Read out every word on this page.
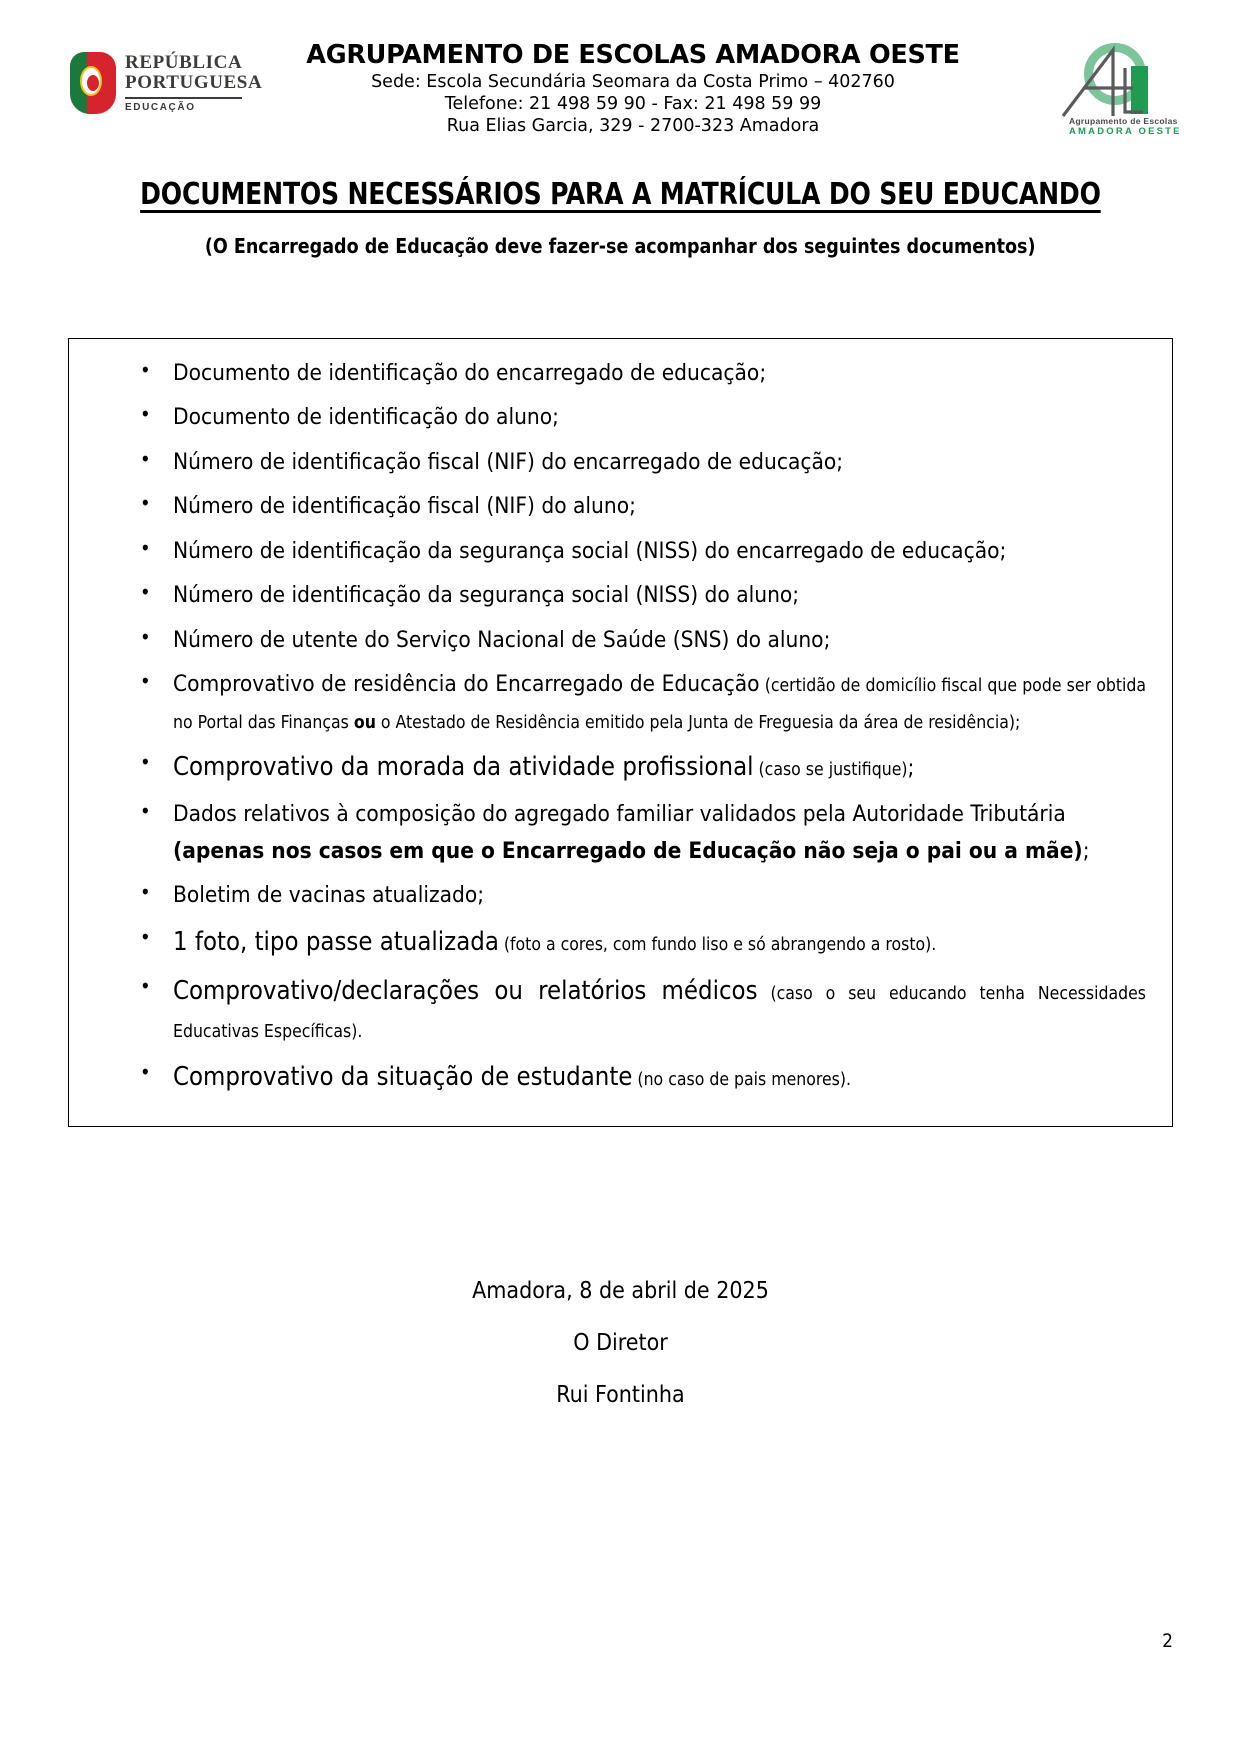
REPÚBLICA
PORTUGUESA
EDUCAÇÃO
AGRUPAMENTO DE ESCOLAS AMADORA OESTE
Sede: Escola Secundária Seomara da Costa Primo – 402760
Telefone: 21 498 59 90 - Fax: 21 498 59 99
Rua Elias Garcia, 329 - 2700-323 Amadora	Agrupamento de Escolas
AMADORA OESTE
DOCUMENTOS NECESSÁRIOS PARA A MATRÍCULA DO SEU EDUCANDO
(O Encarregado de Educação deve fazer-se acompanhar dos seguintes documentos)
• Documento de identificação do encarregado de educação;
• Documento de identificação do aluno;
• Número de identificação fiscal (NIF) do encarregado de educação;
• Número de identificação fiscal (NIF) do aluno;
• Número de identificação da segurança social (NISS) do encarregado de educação;
• Número de identificação da segurança social (NISS) do aluno;
• Número de utente do Serviço Nacional de Saúde (SNS) do aluno;
• Comprovativo de residência do Encarregado de Educação (certidão de domicílio fiscal que pode ser obtida no Portal das Finanças ou o Atestado de Residência emitido pela Junta de Freguesia da área de residência);
• Comprovativo da morada da atividade profissional (caso se justifique);
• Dados relativos à composição do agregado familiar validados pela Autoridade Tributária (apenas nos casos em que o Encarregado de Educação não seja o pai ou a mãe);
• Boletim de vacinas atualizado;
• 1 foto, tipo passe atualizada (foto a cores, com fundo liso e só abrangendo a rosto).
• Comprovativo/declarações ou relatórios médicos (caso o seu educando tenha Necessidades Educativas Específicas).
• Comprovativo da situação de estudante (no caso de pais menores).
Amadora, 8 de abril de 2025
O Diretor
Rui Fontinha
2
